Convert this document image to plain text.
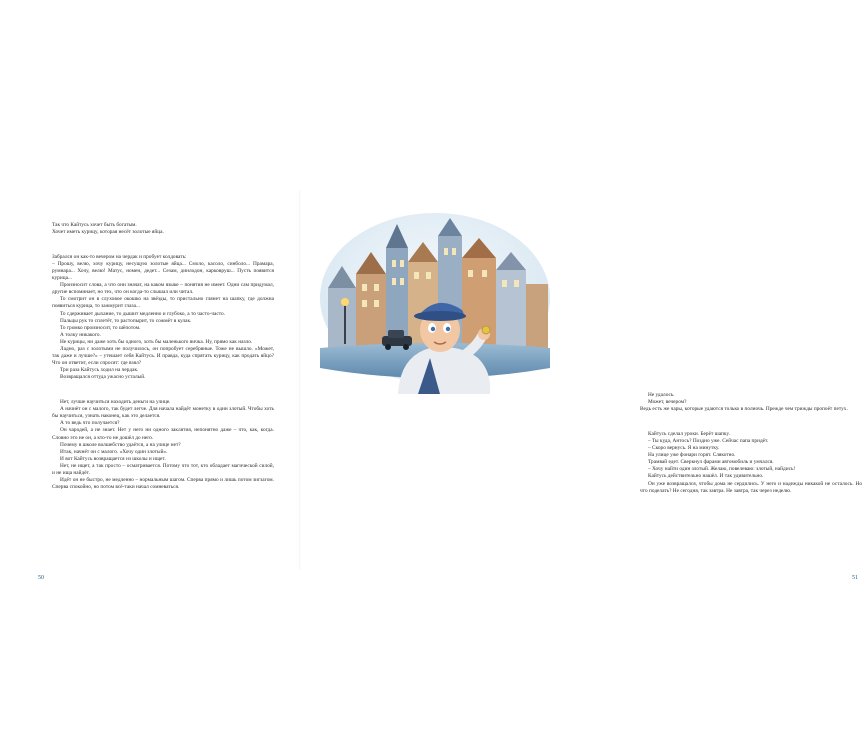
Так что Кайтусь хочет быть богатым.

Хочет иметь курицу, которая несёт золотые яйца.

Забрался он как-то вечером на чердак и пробует колдовать:

– Прошу, велю, хочу курицу, несущую золотые яйца... Смоло, касоло, синболо... Прамара, румнара... Хочу, велю! Матус, номен, дедет... Сезам, динлодон, карковруш... Пусть появится курица...

Произносит слова, а что они значат, на каком языке – понятия не имеет. Одни сам придумал, другие вспоминает, но тех, что он когда-то слышал или читал.

То смотрит он в слуховое окошко на звёзды, то пристально глянет на шапку, где должна появиться курица, то зажмурит глаза...

То сдерживает дыхание, то дышит медленно и глубоко, а то часто-часто.

Пальцы рук то сплетёт, то растопырит, то сожмёт в кулак.

То громко произносит, то шёпотом.

А толку никакого.

Не курицы, ни даже хоть бы одного, хоть бы маленького яичка. Ну, прямо как назло.

Ладно, раз с золотыми не получилось, он попробует серебряные. Тоже не вышло. «Может, так даже и лучше?» – утешает себя Кайтусь. И правда, куда спрятать курицу, как продать яйцо? Что он ответит, если спросят: где взял?

Три раза Кайтусь ходил на чердак.

Возвращался оттуда ужасно усталый.

Нет, лучше научиться находить деньги на улице.

А начнёт он с малого, так будет легче. Для начала найдёт монетку в один злотый. Чтобы хоть бы научиться, узнать наконец, как это делается.

А то ведь что получается?

Он чародей, а не знает. Нет у него ни одного заклятия, непонятно даже – что, как, когда. Словно это не он, а кто-то не дошёл до него.

Почему в школе волшебство удаётся, а на улице нет?

Итак, начнёт он с малого. «Хочу один злотый».

И вот Кайтусь возвращается из школы и ищет.

Нет, не ищет, а так просто – осматривается. Потому что тот, кто обладает магической силой, и не ища найдёт.

Идёт он не быстро, не медленно – нормальным шагом. Сперва прямо и лишь потом зигзагом. Сперва спокойно, но потом всё-таки начал сомневаться.

50

Не удалось.

Может, вечером?

Ведь есть же чары, которые удаются только в полночь. Прежде чем трижды пропоёт петух.

Кайтусь сделал уроки. Берёт шапку.

– Ты куда, Антось? Поздно уже. Сейчас папа придёт.

– Скоро вернусь. Я на минутку.

На улице уже фонари горят. Слякотно.

Трамвай едет. Сверкнул фарами автомобиль и умчался.

– Хочу найти один злотый. Желаю, повелеваю: злотый, найдись!

Кайтусь действительно нашёл. И так удивительно.

Он уже возвращался, чтобы дома не сердились. У него и надежды никакой не осталось. Но что поделать? Не сегодня, так завтра. Не завтра, так через неделю.

51
